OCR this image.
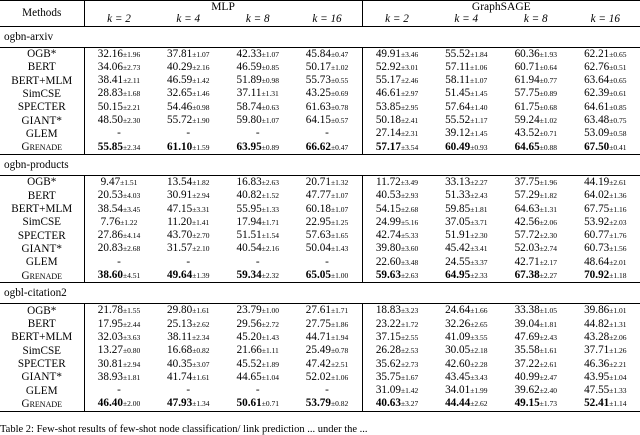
Methods	MLP				GraphSAGE			
	k = 2	k = 4	k = 8	k = 16	k = 2	k = 4	k = 8	k = 16
ogbn-arxiv								
OGB*	32.16±1.96	37.81±1.07	42.33±1.07	45.84±0.47	49.91±3.46	55.52±1.84	60.36±1.93	62.21±0.65
BERT	34.06±2.73	40.29±2.16	46.59±0.85	50.17±1.02	52.92±3.01	57.11±1.06	60.71±0.64	62.76±0.51
BERT+MLM	38.41±2.11	46.59±1.42	51.89±0.98	55.73±0.55	55.17±2.46	58.11±1.07	61.94±0.77	63.64±0.65
SimCSE	28.83±1.68	32.65±1.46	37.11±1.31	43.25±0.69	46.61±2.97	51.45±1.45	57.75±0.89	62.39±0.61
SPECTER	50.15±2.21	54.46±0.98	58.74±0.63	61.63±0.78	53.85±2.95	57.64±1.40	61.75±0.68	64.61±0.85
GIANT*	48.50±2.30	55.72±1.90	59.80±1.07	64.15±0.57	50.18±2.41	55.52±1.17	59.24±1.02	63.48±0.75
GLEM	-	-	-	-	27.14±2.31	39.12±1.45	43.52±0.71	53.09±0.58
Grenade	55.85±2.34	61.10±1.59	63.95±0.89	66.62±0.47	57.17±3.54	60.49±0.93	64.65±0.88	67.50±0.41
ogbn-products								
OGB*	9.47±1.51	13.54±1.82	16.83±2.63	20.71±1.32	11.72±3.49	33.13±2.27	37.75±1.96	44.19±2.61
BERT	20.53±4.03	30.91±2.94	40.82±1.52	47.77±1.07	40.53±2.93	51.33±2.43	57.29±1.82	64.02±1.36
BERT+MLM	38.54±3.45	47.15±3.31	55.95±1.33	60.18±1.07	54.15±2.68	59.85±1.81	64.63±1.31	67.75±1.16
SimCSE	7.76±1.22	11.20±1.41	17.94±1.71	22.95±1.25	24.99±5.16	37.05±3.71	42.56±2.06	53.92±2.03
SPECTER	27.86±4.14	43.70±2.70	51.51±1.54	57.63±1.65	42.74±5.33	51.91±2.30	57.72±2.30	60.77±1.76
GIANT*	20.83±2.68	31.57±2.10	40.54±2.16	50.04±1.43	39.80±3.60	45.42±3.41	52.03±2.74	60.73±1.56
GLEM	-	-	-	-	22.60±3.48	24.55±3.37	42.71±2.17	48.64±2.01
Grenade	38.60±4.51	49.64±1.39	59.34±2.32	65.05±1.00	59.63±2.63	64.95±2.33	67.38±2.27	70.92±1.18
ogbl-citation2								
OGB*	21.78±1.55	29.80±1.61	23.79±1.00	27.61±1.71	18.83±3.23	24.64±1.66	33.38±1.05	39.86±1.01
BERT	17.95±2.44	25.13±2.62	29.56±2.72	27.75±1.86	23.22±1.72	32.26±2.65	39.04±1.81	44.82±1.31
BERT+MLM	32.03±3.63	38.11±2.34	45.20±1.43	44.71±1.94	37.15±2.55	41.09±3.55	47.69±2.43	43.28±2.06
SimCSE	13.27±0.80	16.68±0.82	21.66±1.11	25.49±0.78	26.28±2.53	30.05±2.18	35.58±1.61	37.71±1.26
SPECTER	30.81±2.94	40.35±3.07	45.52±1.89	47.42±2.51	35.62±2.73	42.60±2.28	37.22±2.61	46.36±2.21
GIANT*	38.93±1.81	41.74±1.61	44.65±1.04	52.02±1.06	35.75±1.67	43.45±3.43	40.99±2.47	43.95±1.04
GLEM	-	-	-	-	31.09±1.42	34.01±1.99	39.62±2.40	47.55±1.33
Grenade	46.40±2.00	47.93±1.34	50.61±0.71	53.79±0.82	40.63±3.27	44.44±2.62	49.15±1.73	52.41±1.14
Table 2: Few-shot results of few-shot node classification/ link prediction ... under the ...
